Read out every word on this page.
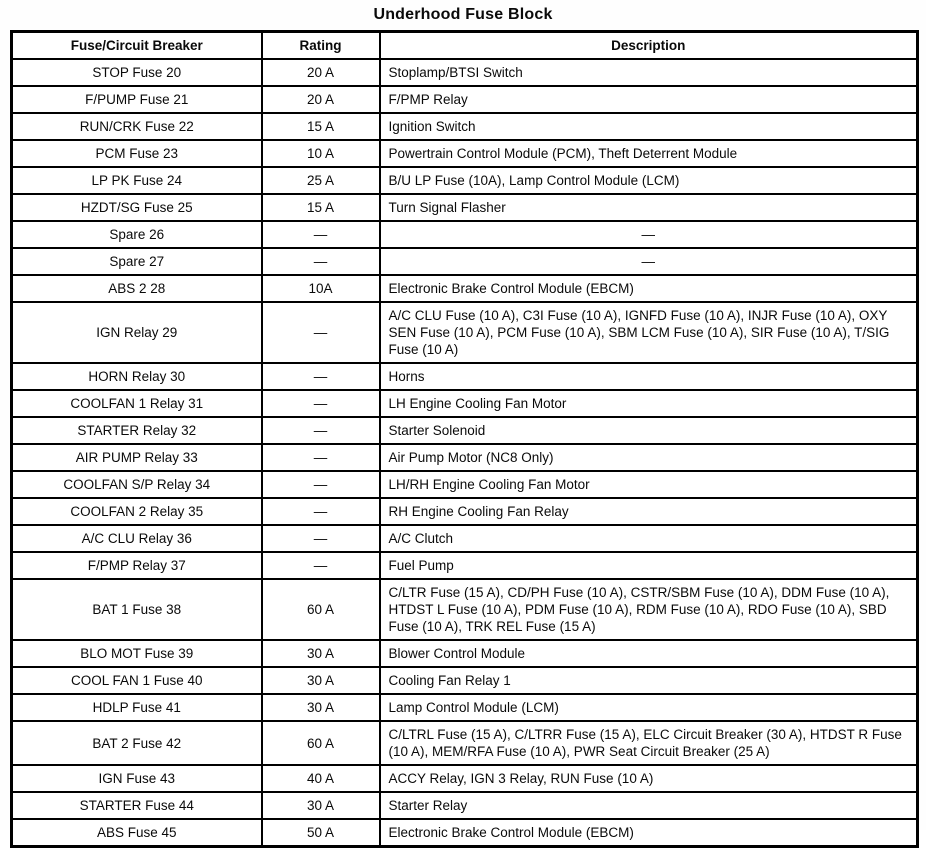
Underhood Fuse Block
Fuse/Circuit Breaker	Rating	Description
STOP Fuse 20	20 A	Stoplamp/BTSI Switch
F/PUMP Fuse 21	20 A	F/PMP Relay
RUN/CRK Fuse 22	15 A	Ignition Switch
PCM Fuse 23	10 A	Powertrain Control Module (PCM), Theft Deterrent Module
LP PK Fuse 24	25 A	B/U LP Fuse (10A), Lamp Control Module (LCM)
HZDT/SG Fuse 25	15 A	Turn Signal Flasher
Spare 26	—	—
Spare 27	—	—
ABS 2 28	10A	Electronic Brake Control Module (EBCM)
IGN Relay 29	—	A/C CLU Fuse (10 A), C3I Fuse (10 A), IGNFD Fuse (10 A), INJR Fuse (10 A), OXY SEN Fuse (10 A), PCM Fuse (10 A), SBM LCM Fuse (10 A), SIR Fuse (10 A), T/SIG Fuse (10 A)
HORN Relay 30	—	Horns
COOLFAN 1 Relay 31	—	LH Engine Cooling Fan Motor
STARTER Relay 32	—	Starter Solenoid
AIR PUMP Relay 33	—	Air Pump Motor (NC8 Only)
COOLFAN S/P Relay 34	—	LH/RH Engine Cooling Fan Motor
COOLFAN 2 Relay 35	—	RH Engine Cooling Fan Relay
A/C CLU Relay 36	—	A/C Clutch
F/PMP Relay 37	—	Fuel Pump
BAT 1 Fuse 38	60 A	C/LTR Fuse (15 A), CD/PH Fuse (10 A), CSTR/SBM Fuse (10 A), DDM Fuse (10 A), HTDST L Fuse (10 A), PDM Fuse (10 A), RDM Fuse (10 A), RDO Fuse (10 A), SBD Fuse (10 A), TRK REL Fuse (15 A)
BLO MOT Fuse 39	30 A	Blower Control Module
COOL FAN 1 Fuse 40	30 A	Cooling Fan Relay 1
HDLP Fuse 41	30 A	Lamp Control Module (LCM)
BAT 2 Fuse 42	60 A	C/LTRL Fuse (15 A), C/LTRR Fuse (15 A), ELC Circuit Breaker (30 A), HTDST R Fuse (10 A), MEM/RFA Fuse (10 A), PWR Seat Circuit Breaker (25 A)
IGN Fuse 43	40 A	ACCY Relay, IGN 3 Relay, RUN Fuse (10 A)
STARTER Fuse 44	30 A	Starter Relay
ABS Fuse 45	50 A	Electronic Brake Control Module (EBCM)
